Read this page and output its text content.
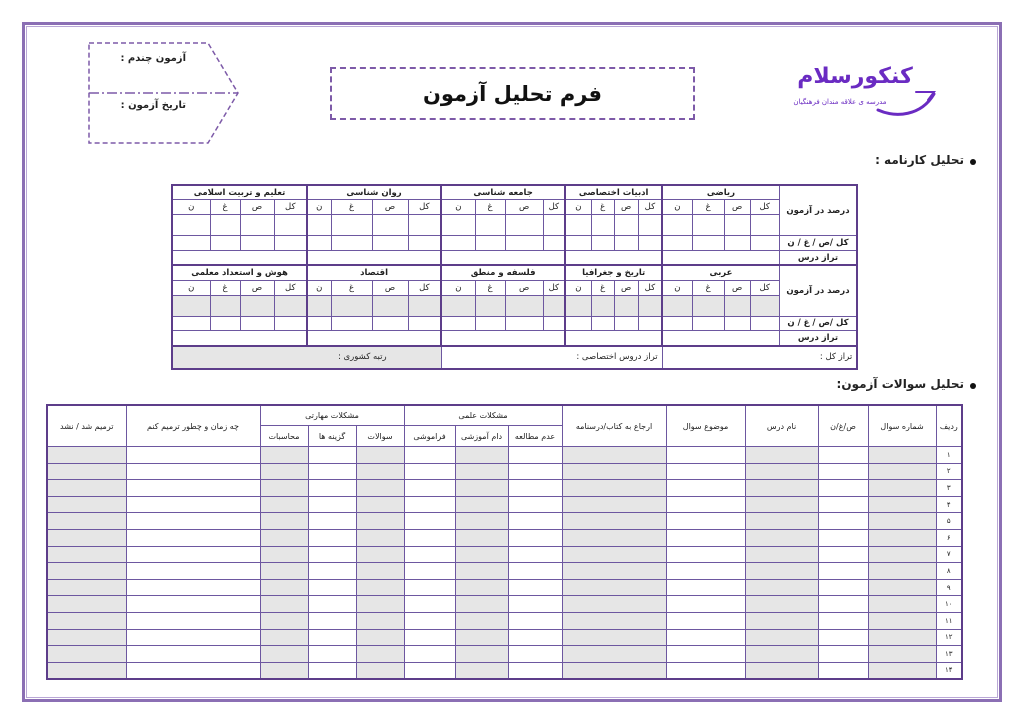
کنکورسلام
مدرسه ی علاقه مندان فرهنگیان
فرم تحلیل آزمون
آزمون چندم :
تاریخ آزمون :
تحلیل کارنامه :
تعلیم و تربیت اسلامی				روان شناسی				جامعه شناسی				ادبیات اختصاصی				ریاضی				درصد در آزمون
ن	غ	ص	کل	ن	غ	ص	کل	ن	غ	ص	کل	ن	غ	ص	کل	ن	غ	ص	کل	

																				کل /ص / غ / ن
																				تراز درس
هوش و استعداد معلمی				اقتصاد				فلسفه و منطق				تاریخ و جغرافیا				عربی				درصد در آزمون
ن	غ	ص	کل	ن	غ	ص	کل	ن	غ	ص	کل	ن	غ	ص	کل	ن	غ	ص	کل	

																				کل /ص / غ / ن
																				تراز درس
رتبه کشوری :								تراز دروس اختصاصی :								تراز کل :				
تحلیل سوالات آزمون:
ترمیم شد / نشد	چه زمان و چطور ترمیم کنم	مشکلات مهارتی			مشکلات علمی			ارجاع به کتاب/درسنامه	موضوع سوال	نام درس	ص/غ/ن	شماره سوال	ردیف
		محاسبات	گزینه ها	سوالات	فراموشی	دام آموزشی	عدم مطالعه						
													۱
													۲
													۳
													۴
													۵
													۶
													۷
													۸
													۹
													۱۰
													۱۱
													۱۲
													۱۳
													۱۴
